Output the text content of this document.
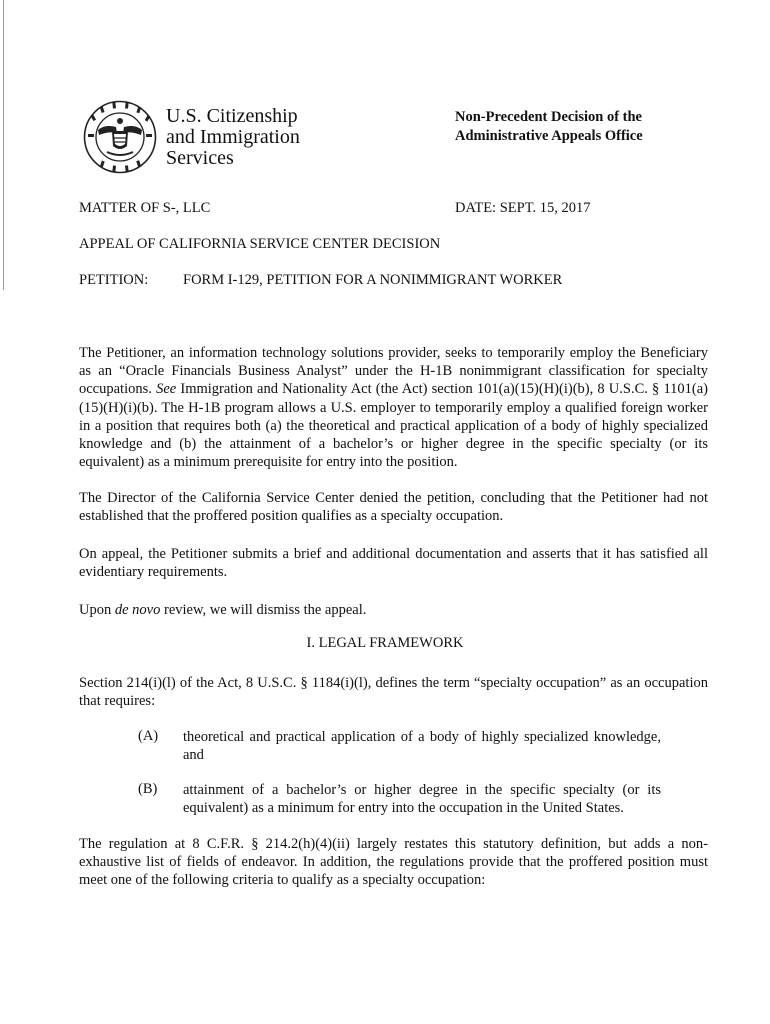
U.S. Citizenship
and Immigration
Services
Non-Precedent Decision of the
Administrative Appeals Office
MATTER OF S-, LLC	DATE: SEPT. 15, 2017
APPEAL OF CALIFORNIA SERVICE CENTER DECISION
PETITION: FORM I-129, PETITION FOR A NONIMMIGRANT WORKER

The Petitioner, an information technology solutions provider, seeks to temporarily employ the Beneficiary as an “Oracle Financials Business Analyst” under the H-1B nonimmigrant classification for specialty occupations. See Immigration and Nationality Act (the Act) section 101(a)(15)(H)(i)(b), 8 U.S.C. § 1101(a)(15)(H)(i)(b). The H-1B program allows a U.S. employer to temporarily employ a qualified foreign worker in a position that requires both (a) the theoretical and practical application of a body of highly specialized knowledge and (b) the attainment of a bachelor’s or higher degree in the specific specialty (or its equivalent) as a minimum prerequisite for entry into the position.

The Director of the California Service Center denied the petition, concluding that the Petitioner had not established that the proffered position qualifies as a specialty occupation.

On appeal, the Petitioner submits a brief and additional documentation and asserts that it has satisfied all evidentiary requirements.

Upon de novo review, we will dismiss the appeal.

I. LEGAL FRAMEWORK

Section 214(i)(l) of the Act, 8 U.S.C. § 1184(i)(l), defines the term “specialty occupation” as an occupation that requires:

(A) theoretical and practical application of a body of highly specialized knowledge, and

(B) attainment of a bachelor’s or higher degree in the specific specialty (or its equivalent) as a minimum for entry into the occupation in the United States.

The regulation at 8 C.F.R. § 214.2(h)(4)(ii) largely restates this statutory definition, but adds a non-exhaustive list of fields of endeavor. In addition, the regulations provide that the proffered position must meet one of the following criteria to qualify as a specialty occupation:
